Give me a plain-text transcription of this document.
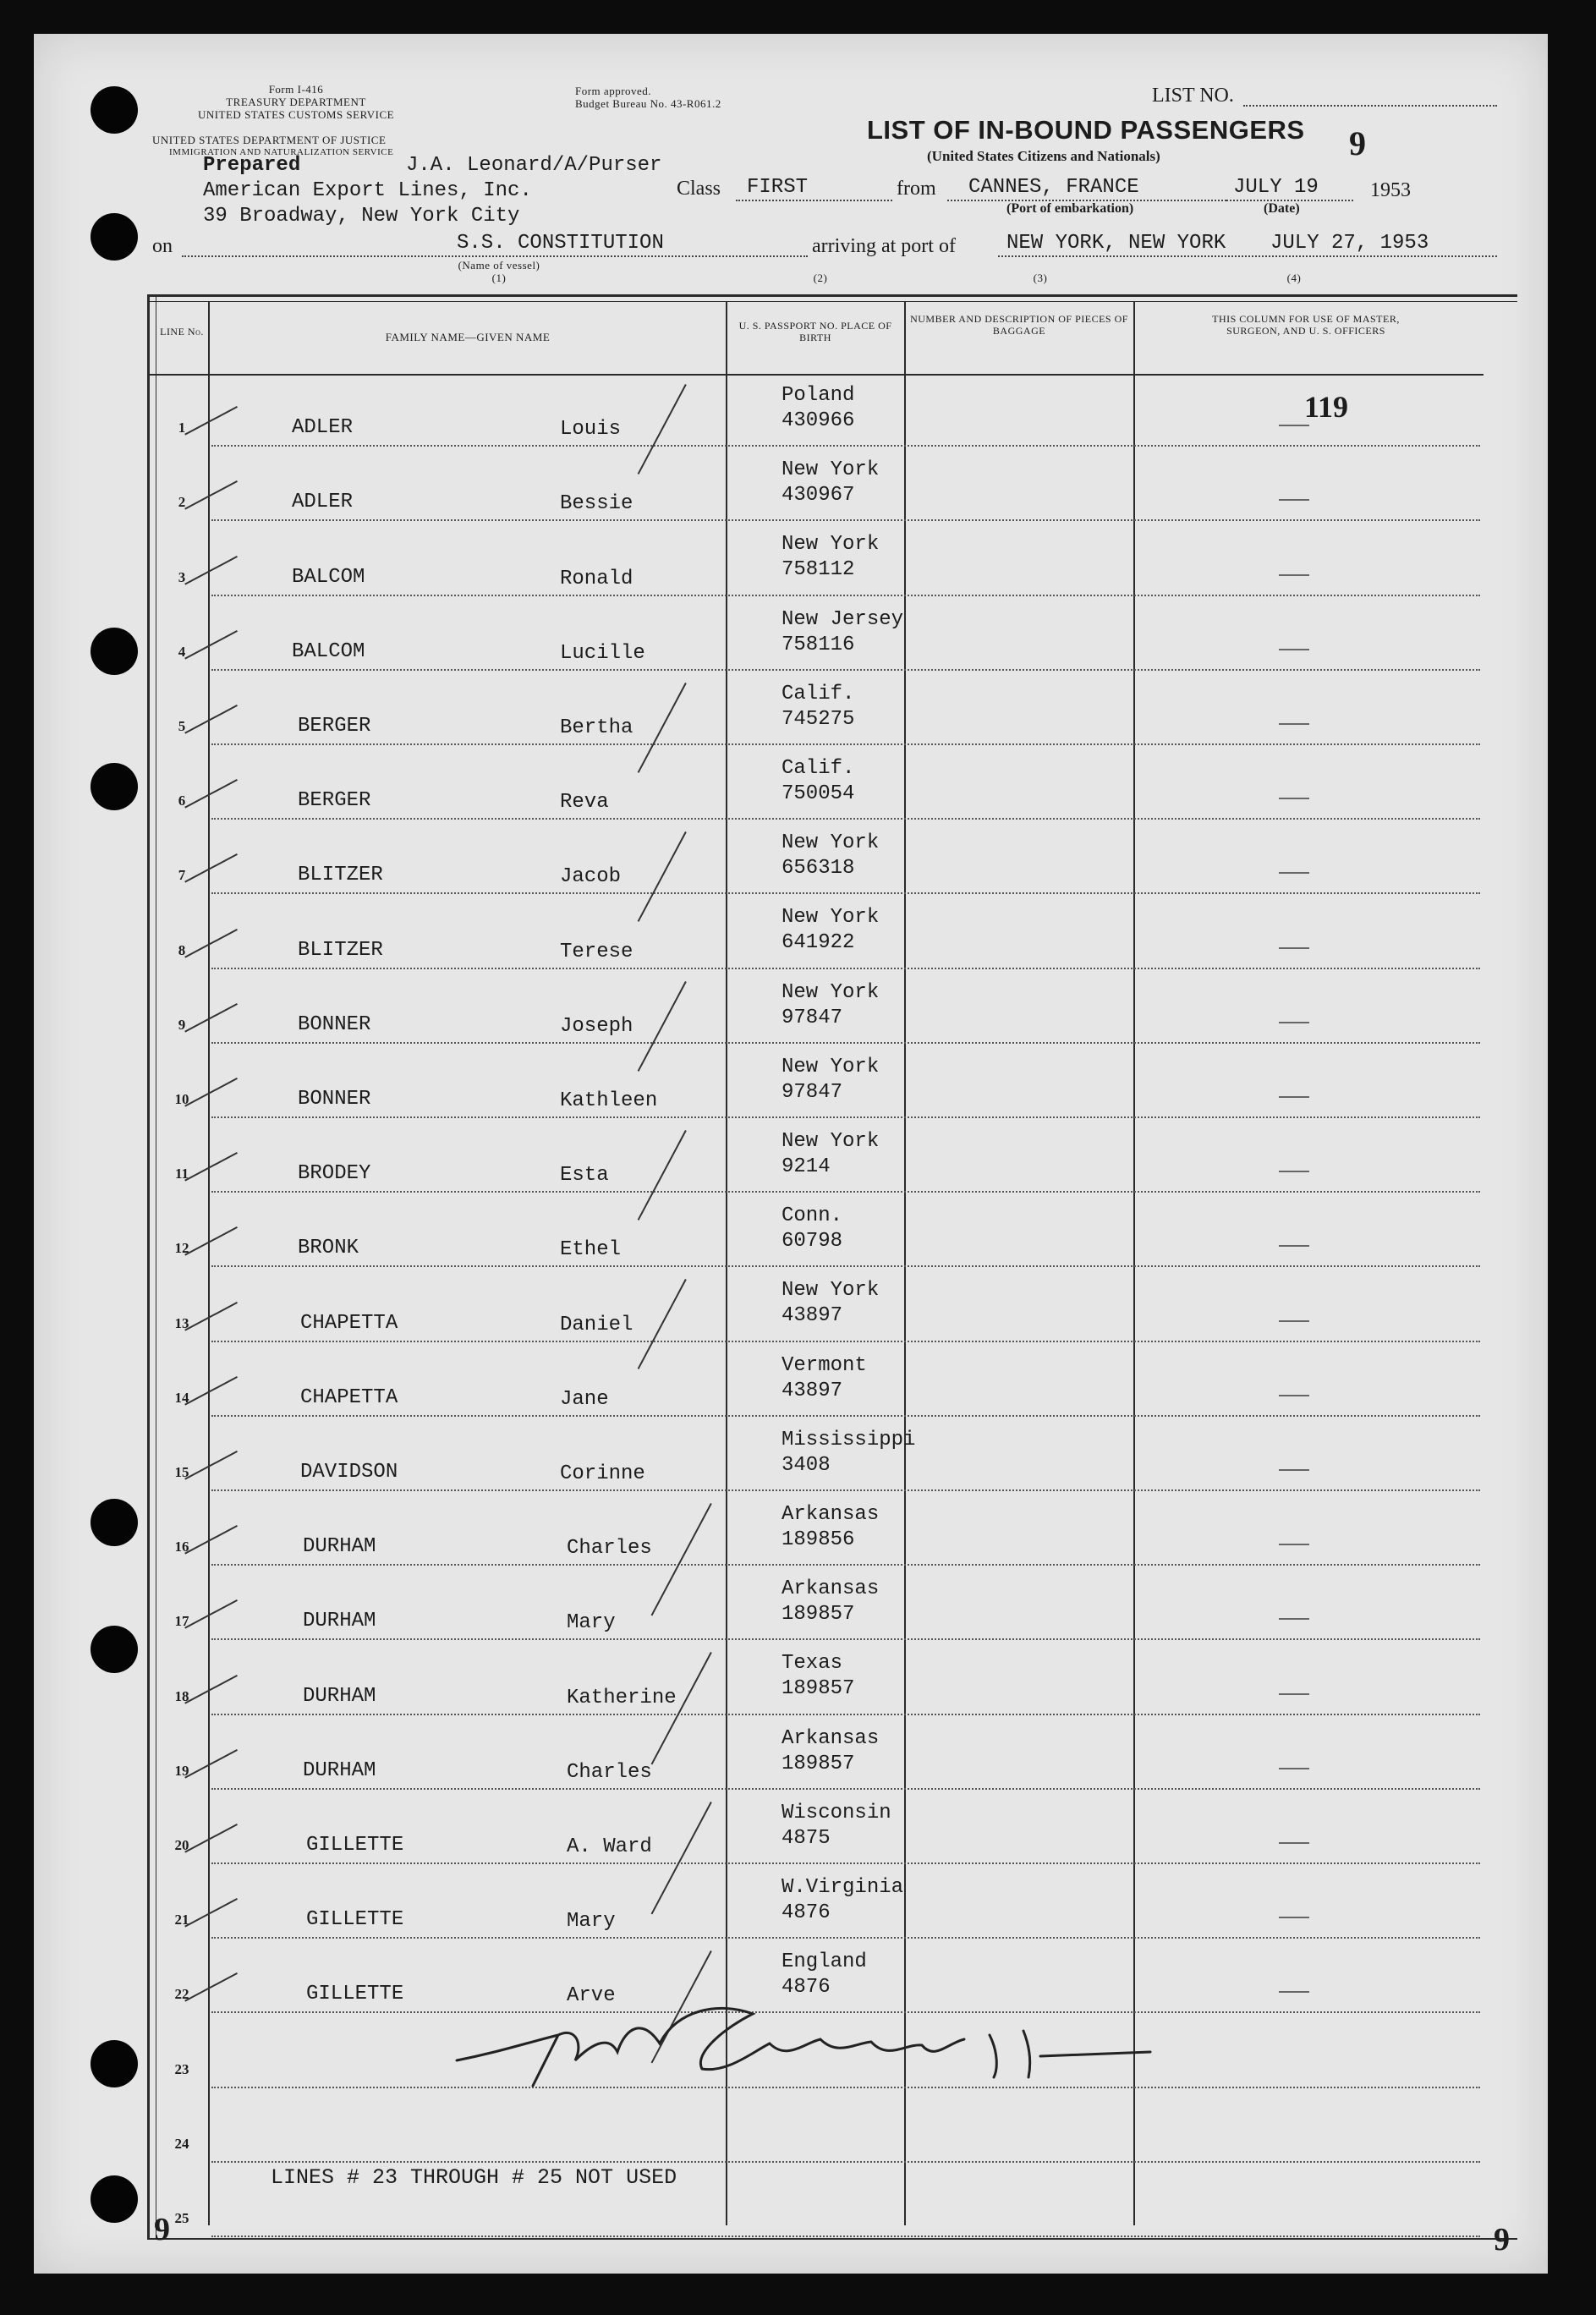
Form I-416
TREASURY DEPARTMENT
UNITED STATES CUSTOMS SERVICE
UNITED STATES DEPARTMENT OF JUSTICE
IMMIGRATION AND NATURALIZATION SERVICE
Form approved.
Budget Bureau No. 43-R061.2
Prepared	J.A. Leonard/A/Purser
American Export Lines, Inc.
39 Broadway, New York City
LIST NO.
9
LIST OF IN-BOUND PASSENGERS
(United States Citizens and Nationals)
Class FIRST	from CANNES, FRANCE	JULY 19	1953
(Port of embarkation)	(Date)
on	S.S. CONSTITUTION
(Name of vessel)
(1)
arriving at port of	NEW YORK, NEW YORK JULY 27, 1953
(2)	(3)	(4)
LINE No.	FAMILY NAME—GIVEN NAME
U. S. PASSPORT NO. PLACE OF BIRTH
NUMBER AND DESCRIPTION OF PIECES OF BAGGAGE
THIS COLUMN FOR USE OF MASTER, SURGEON, AND U. S. OFFICERS
119
1	ADLER	Louis
Poland
430966
2	ADLER	Bessie
New York
430967
3	BALCOM	Ronald
New York
758112
4	BALCOM	Lucille
New Jersey
758116
5	BERGER	Bertha
Calif.
745275
6	BERGER	Reva
Calif.
750054
7	BLITZER	Jacob
New York
656318
8	BLITZER	Terese
New York
641922
9	BONNER	Joseph
New York
97847
10	BONNER	Kathleen
New York
97847
11	BRODEY	Esta
New York
9214
12	BRONK	Ethel
Conn.
60798
13	CHAPETTA	Daniel
New York
43897
14	CHAPETTA	Jane
Vermont
43897
15	DAVIDSON	Corinne
Mississippi
3408
16	DURHAM	Charles
Arkansas
189856
17	DURHAM	Mary
Arkansas
189857
18	DURHAM	Katherine
Texas
189857
19	DURHAM	Charles
Arkansas
189857
20	GILLETTE	A. Ward
Wisconsin
4875
21	GILLETTE	Mary
W.Virginia
4876
22	GILLETTE	Arve
England
4876
23
24
25
LINES # 23 THROUGH # 25 NOT USED
9	9
